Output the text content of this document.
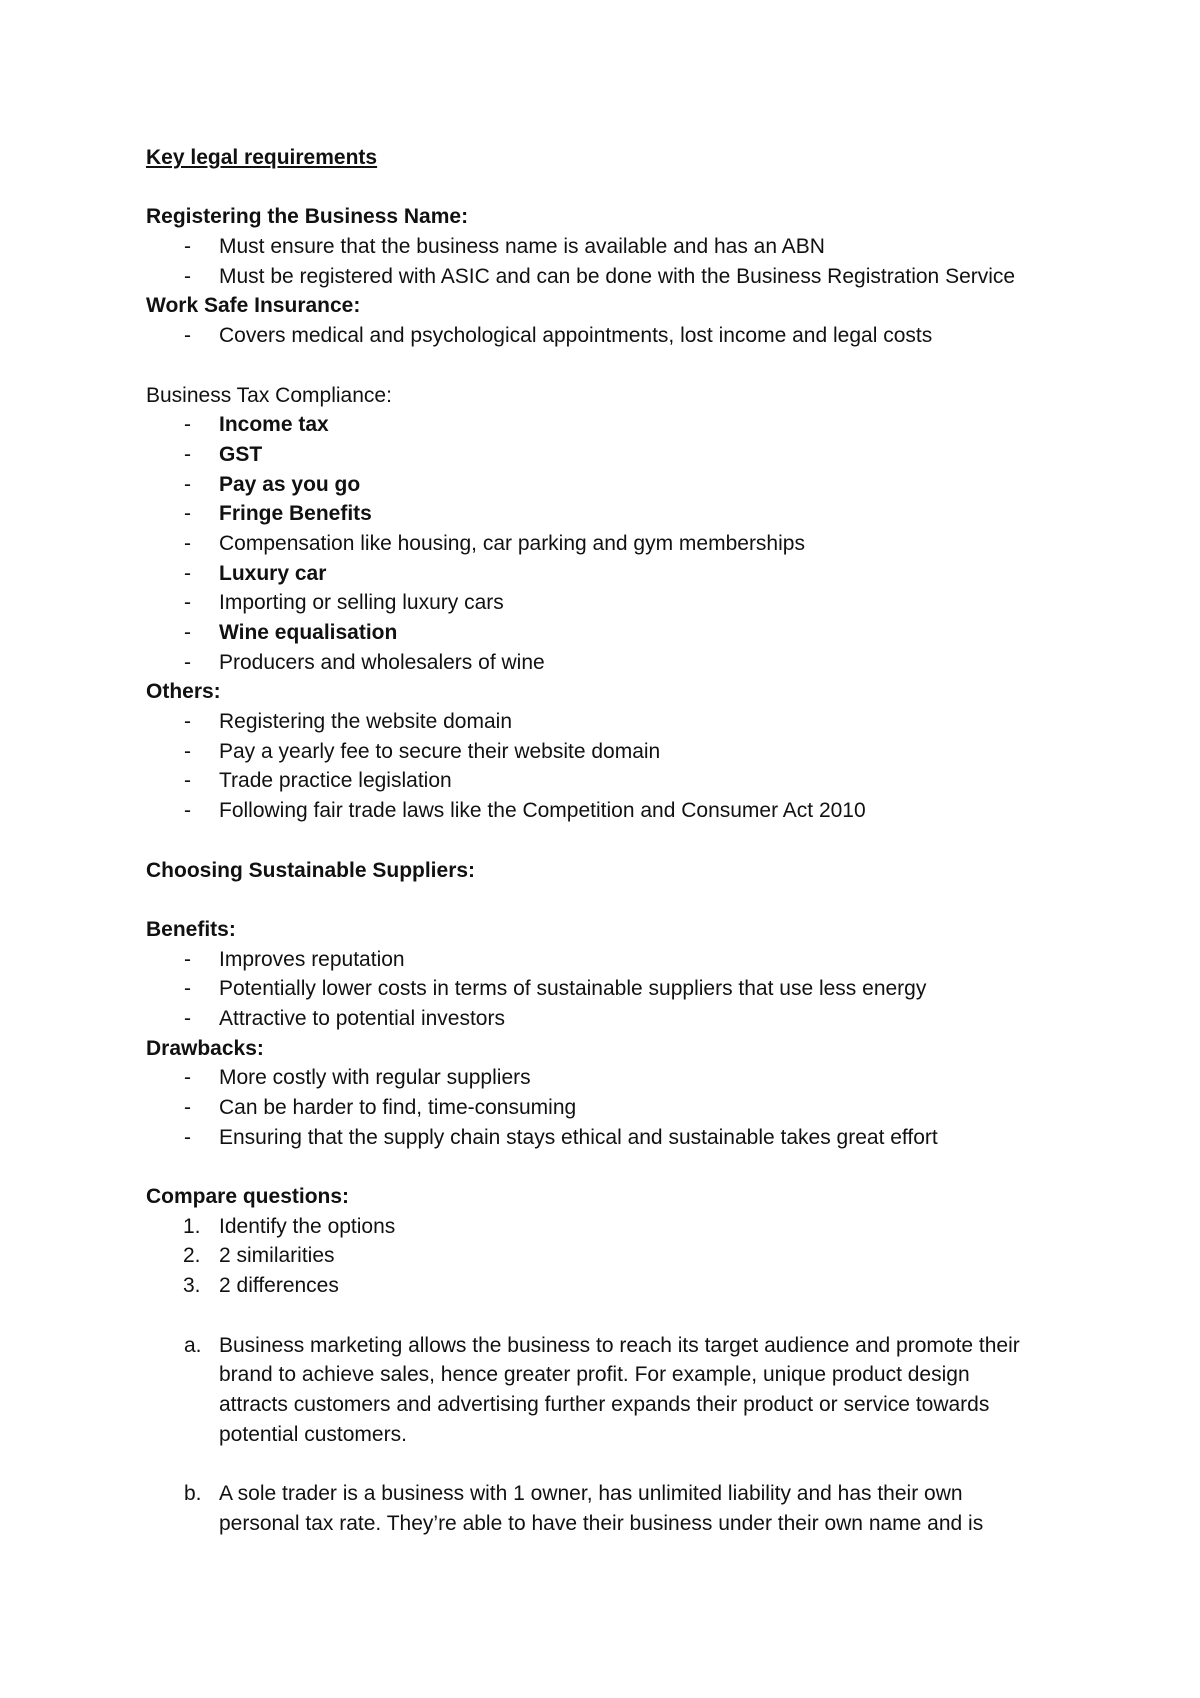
Key legal requirements
Registering the Business Name:
- Must ensure that the business name is available and has an ABN
- Must be registered with ASIC and can be done with the Business Registration Service
Work Safe Insurance:
- Covers medical and psychological appointments, lost income and legal costs
Business Tax Compliance:
- Income tax
- GST
- Pay as you go
- Fringe Benefits
- Compensation like housing, car parking and gym memberships
- Luxury car
- Importing or selling luxury cars
- Wine equalisation
- Producers and wholesalers of wine
Others:
- Registering the website domain
- Pay a yearly fee to secure their website domain
- Trade practice legislation
- Following fair trade laws like the Competition and Consumer Act 2010
Choosing Sustainable Suppliers:
Benefits:
- Improves reputation
- Potentially lower costs in terms of sustainable suppliers that use less energy
- Attractive to potential investors
Drawbacks:
- More costly with regular suppliers
- Can be harder to find, time-consuming
- Ensuring that the supply chain stays ethical and sustainable takes great effort
Compare questions:
1. Identify the options
2. 2 similarities
3. 2 differences
a. Business marketing allows the business to reach its target audience and promote their brand to achieve sales, hence greater profit. For example, unique product design attracts customers and advertising further expands their product or service towards potential customers.
b. A sole trader is a business with 1 owner, has unlimited liability and has their own personal tax rate. They’re able to have their business under their own name and is
